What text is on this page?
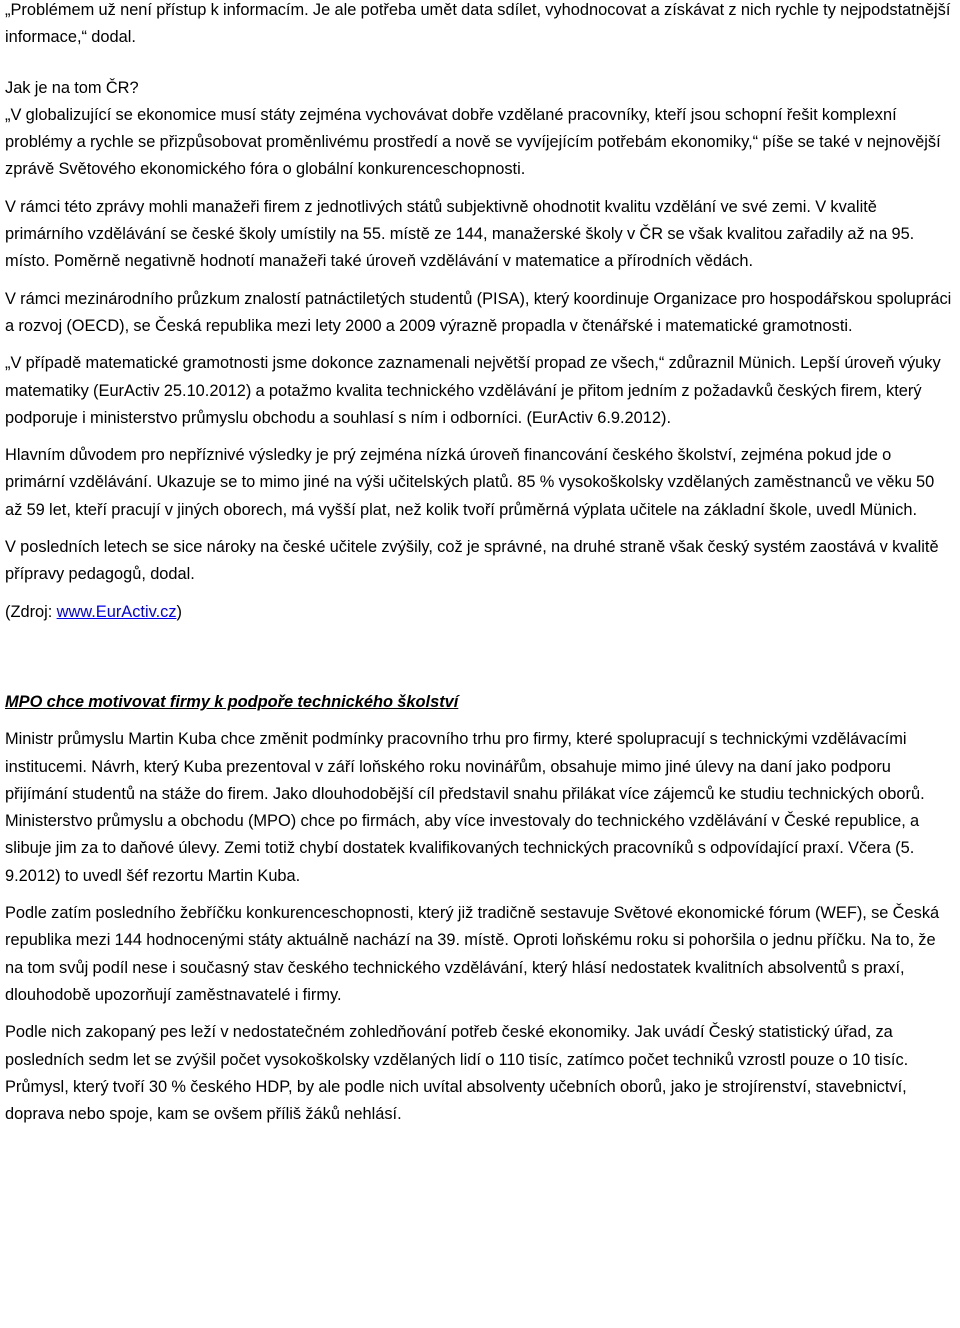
„Problémem už není přístup k informacím. Je ale potřeba umět data sdílet, vyhodnocovat a získávat z nich rychle ty nejpodstatnější informace,“ dodal.

Jak je na tom ČR?

„V globalizující se ekonomice musí státy zejména vychovávat dobře vzdělané pracovníky, kteří jsou schopní řešit komplexní problémy a rychle se přizpůsobovat proměnlivému prostředí a nově se vyvíjejícím potřebám ekonomiky,“ píše se také v nejnovější zprávě Světového ekonomického fóra o globální konkurenceschopnosti.

V rámci této zprávy mohli manažeři firem z jednotlivých států subjektivně ohodnotit kvalitu vzdělání ve své zemi. V kvalitě primárního vzdělávání se české školy umístily na 55. místě ze 144, manažerské školy v ČR se však kvalitou zařadily až na 95. místo. Poměrně negativně hodnotí manažeři také úroveň vzdělávání v matematice a přírodních vědách.

V rámci mezinárodního průzkum znalostí patnáctiletých studentů (PISA), který koordinuje Organizace pro hospodářskou spolupráci a rozvoj (OECD), se Česká republika mezi lety 2000 a 2009 výrazně propadla v čtenářské i matematické gramotnosti.

„V případě matematické gramotnosti jsme dokonce zaznamenali největší propad ze všech,“ zdůraznil Münich. Lepší úroveň výuky matematiky (EurActiv 25.10.2012) a potažmo kvalita technického vzdělávání je přitom jedním z požadavků českých firem, který podporuje i ministerstvo průmyslu obchodu a souhlasí s ním i odborníci. (EurActiv 6.9.2012).

Hlavním důvodem pro nepříznivé výsledky je prý zejména nízká úroveň financování českého školství, zejména pokud jde o primární vzdělávání. Ukazuje se to mimo jiné na výši učitelských platů. 85 % vysokoškolsky vzdělaných zaměstnanců ve věku 50 až 59 let, kteří pracují v jiných oborech, má vyšší plat, než kolik tvoří průměrná výplata učitele na základní škole, uvedl Münich.

V posledních letech se sice nároky na české učitele zvýšily, což je správné, na druhé straně však český systém zaostává v kvalitě přípravy pedagogů, dodal.

(Zdroj: www.EurActiv.cz)

MPO chce motivovat firmy k podpoře technického školství

Ministr průmyslu Martin Kuba chce změnit podmínky pracovního trhu pro firmy, které spolupracují s technickými vzdělávacími institucemi. Návrh, který Kuba prezentoval v září loňského roku novinářům, obsahuje mimo jiné úlevy na daní jako podporu přijímání studentů na stáže do firem. Jako dlouhodobější cíl představil snahu přilákat více zájemců ke studiu technických oborů. Ministerstvo průmyslu a obchodu (MPO) chce po firmách, aby více investovaly do technického vzdělávání v České republice, a slibuje jim za to daňové úlevy. Zemi totiž chybí dostatek kvalifikovaných technických pracovníků s odpovídající praxí. Včera (5. 9.2012) to uvedl šéf rezortu Martin Kuba.

Podle zatím posledního žebříčku konkurenceschopnosti, který již tradičně sestavuje Světové ekonomické fórum (WEF), se Česká republika mezi 144 hodnocenými státy aktuálně nachází na 39. místě. Oproti loňskému roku si pohoršila o jednu příčku. Na to, že na tom svůj podíl nese i současný stav českého technického vzdělávání, který hlásí nedostatek kvalitních absolventů s praxí, dlouhodobě upozorňují zaměstnavatelé i firmy.

Podle nich zakopaný pes leží v nedostatečném zohledňování potřeb české ekonomiky. Jak uvádí Český statistický úřad, za posledních sedm let se zvýšil počet vysokoškolsky vzdělaných lidí o 110 tisíc, zatímco počet techniků vzrostl pouze o 10 tisíc. Průmysl, který tvoří 30 % českého HDP, by ale podle nich uvítal absolventy učebních oborů, jako je strojírenství, stavebnictví, doprava nebo spoje, kam se ovšem příliš žáků nehlásí.
